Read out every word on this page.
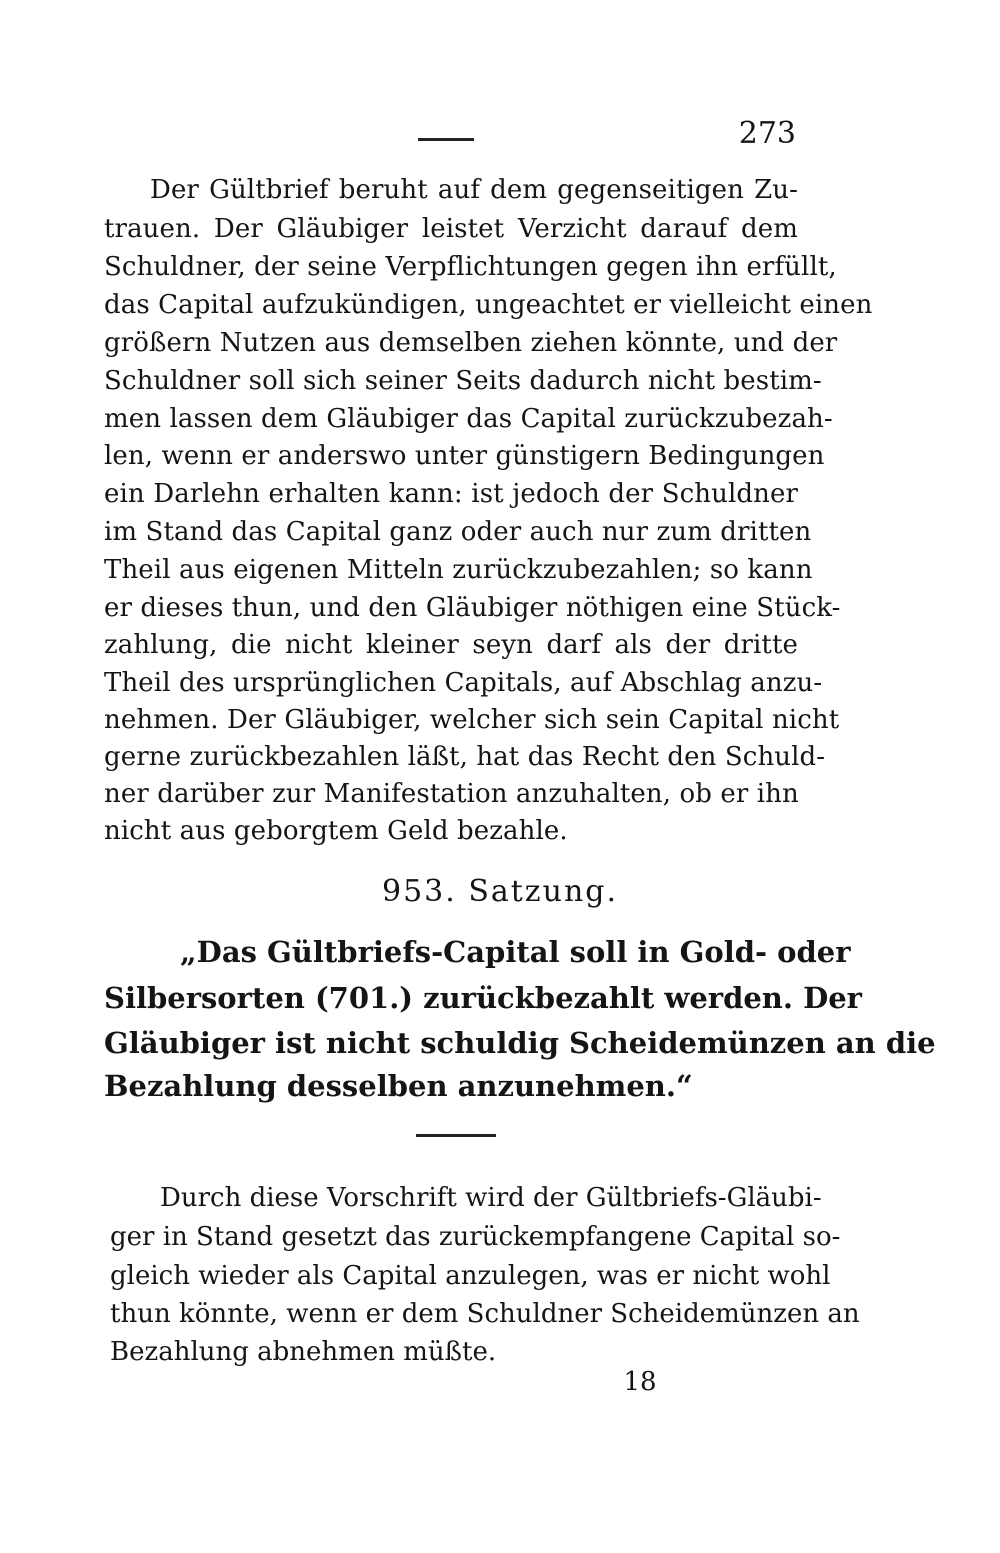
273
Der Gültbrief beruht auf dem gegenseitigen Zu-
trauen. Der Gläubiger leistet Verzicht darauf dem
Schuldner, der seine Verpflichtungen gegen ihn erfüllt,
das Capital aufzukündigen, ungeachtet er vielleicht einen
größern Nutzen aus demselben ziehen könnte, und der
Schuldner soll sich seiner Seits dadurch nicht bestim-
men lassen dem Gläubiger das Capital zurückzubezah-
len, wenn er anderswo unter günstigern Bedingungen
ein Darlehn erhalten kann: ist jedoch der Schuldner
im Stand das Capital ganz oder auch nur zum dritten
Theil aus eigenen Mitteln zurückzubezahlen; so kann
er dieses thun, und den Gläubiger nöthigen eine Stück-
zahlung, die nicht kleiner seyn darf als der dritte
Theil des ursprünglichen Capitals, auf Abschlag anzu-
nehmen. Der Gläubiger, welcher sich sein Capital nicht
gerne zurückbezahlen läßt, hat das Recht den Schuld-
ner darüber zur Manifestation anzuhalten, ob er ihn
nicht aus geborgtem Geld bezahle.
953. Satzung.
„Das Gültbriefs-Capital soll in Gold- oder
Silbersorten (701.) zurückbezahlt werden. Der
Gläubiger ist nicht schuldig Scheidemünzen an die
Bezahlung desselben anzunehmen.“
Durch diese Vorschrift wird der Gültbriefs-Gläubi-
ger in Stand gesetzt das zurückempfangene Capital so-
gleich wieder als Capital anzulegen, was er nicht wohl
thun könnte, wenn er dem Schuldner Scheidemünzen an
Bezahlung abnehmen müßte.
18
